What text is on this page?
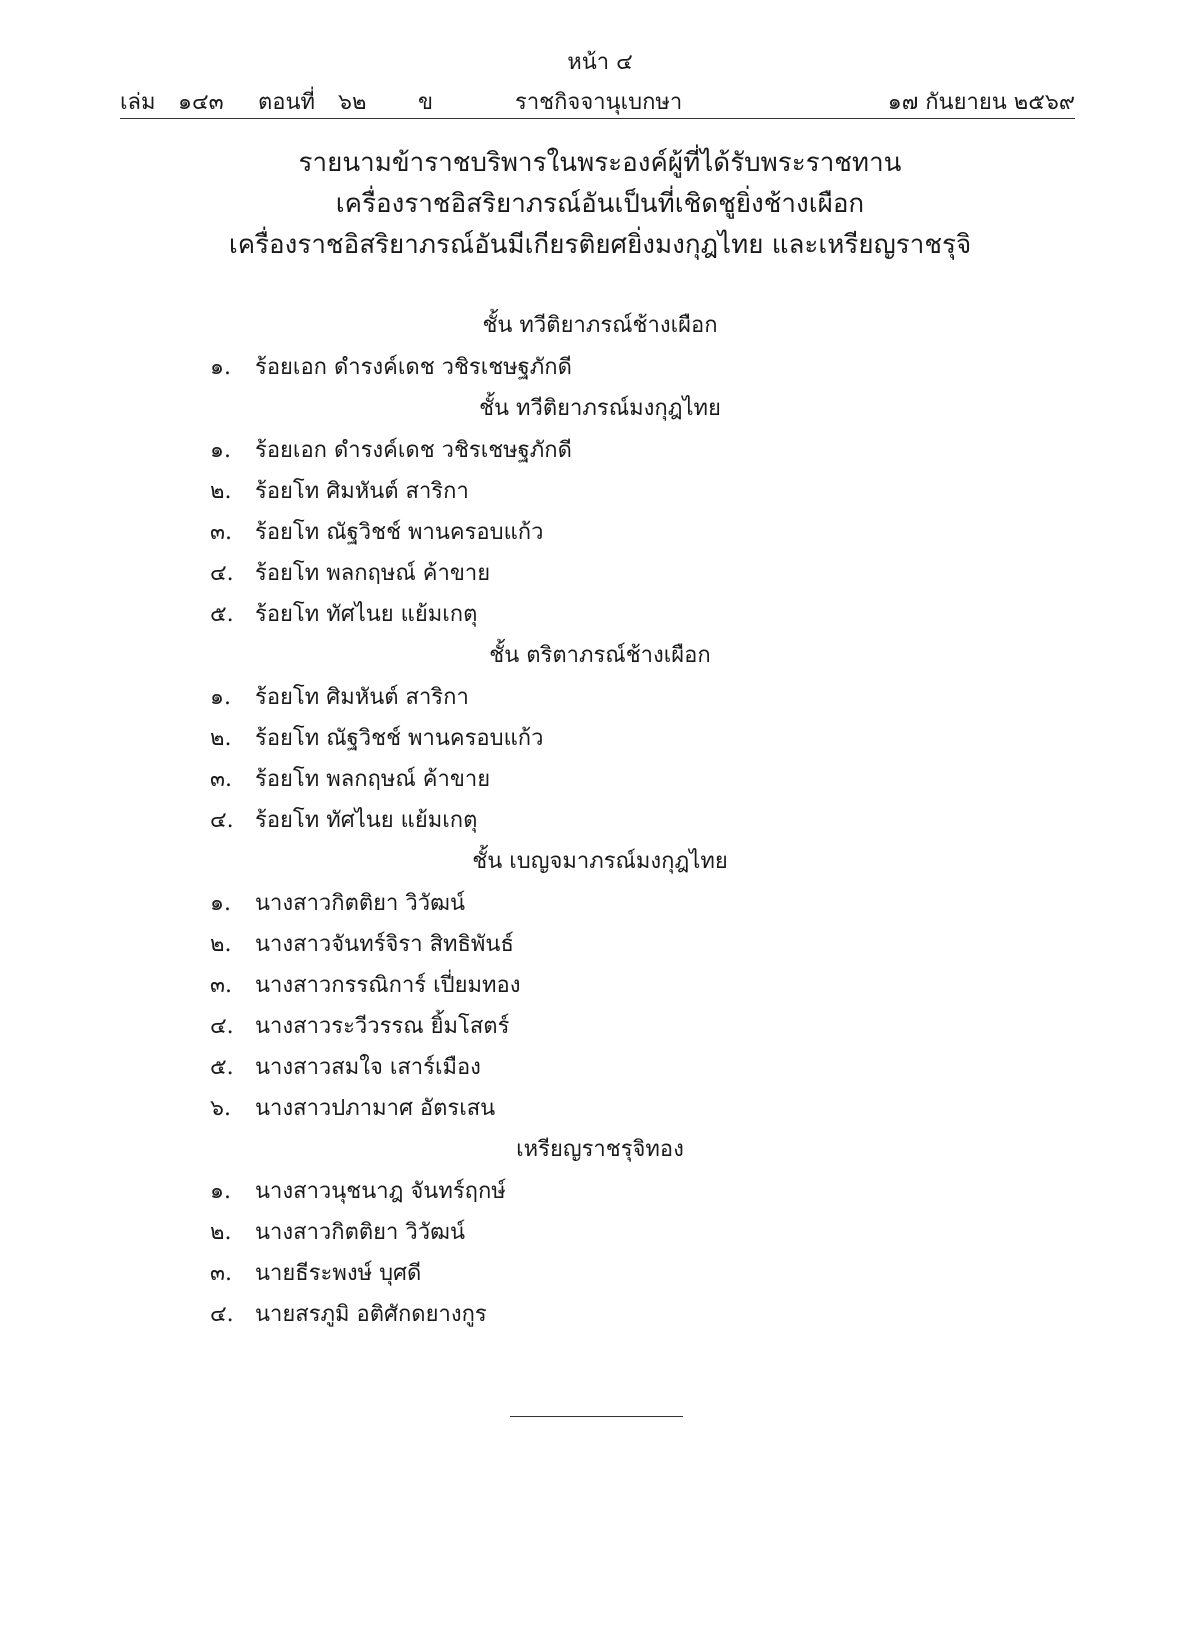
หน้า ๔
เล่ม ๑๔๓ ตอนที่ ๖๒ ข	ราชกิจจานุเบกษา	๑๗ กันยายน ๒๕๖๙
รายนามข้าราชบริพารในพระองค์ผู้ที่ได้รับพระราชทาน
เครื่องราชอิสริยาภรณ์อันเป็นที่เชิดชูยิ่งช้างเผือก
เครื่องราชอิสริยาภรณ์อันมีเกียรติยศยิ่งมงกุฎไทย และเหรียญราชรุจิ
ชั้น ทวีติยาภรณ์ช้างเผือก
๑. ร้อยเอก ดำรงค์เดช วชิรเชษฐภักดี
ชั้น ทวีติยาภรณ์มงกุฎไทย
๑. ร้อยเอก ดำรงค์เดช วชิรเชษฐภักดี
๒. ร้อยโท ศิมหันต์ สาริกา
๓. ร้อยโท ณัฐวิชช์ พานครอบแก้ว
๔. ร้อยโท พลกฤษณ์ ค้าขาย
๕. ร้อยโท ทัศไนย แย้มเกตุ
ชั้น ตริตาภรณ์ช้างเผือก
๑. ร้อยโท ศิมหันต์ สาริกา
๒. ร้อยโท ณัฐวิชช์ พานครอบแก้ว
๓. ร้อยโท พลกฤษณ์ ค้าขาย
๔. ร้อยโท ทัศไนย แย้มเกตุ
ชั้น เบญจมาภรณ์มงกุฎไทย
๑. นางสาวกิตติยา วิวัฒน์
๒. นางสาวจันทร์จิรา สิทธิพันธ์
๓. นางสาวกรรณิการ์ เปี่ยมทอง
๔. นางสาวระวีวรรณ ยิ้มโสตร์
๕. นางสาวสมใจ เสาร์เมือง
๖. นางสาวปภามาศ อัตรเสน
เหรียญราชรุจิทอง
๑. นางสาวนุชนาฎ จันทร์ฤกษ์
๒. นางสาวกิตติยา วิวัฒน์
๓. นายธีระพงษ์ บุศดี
๔. นายสรภูมิ อติศักดยางกูร
